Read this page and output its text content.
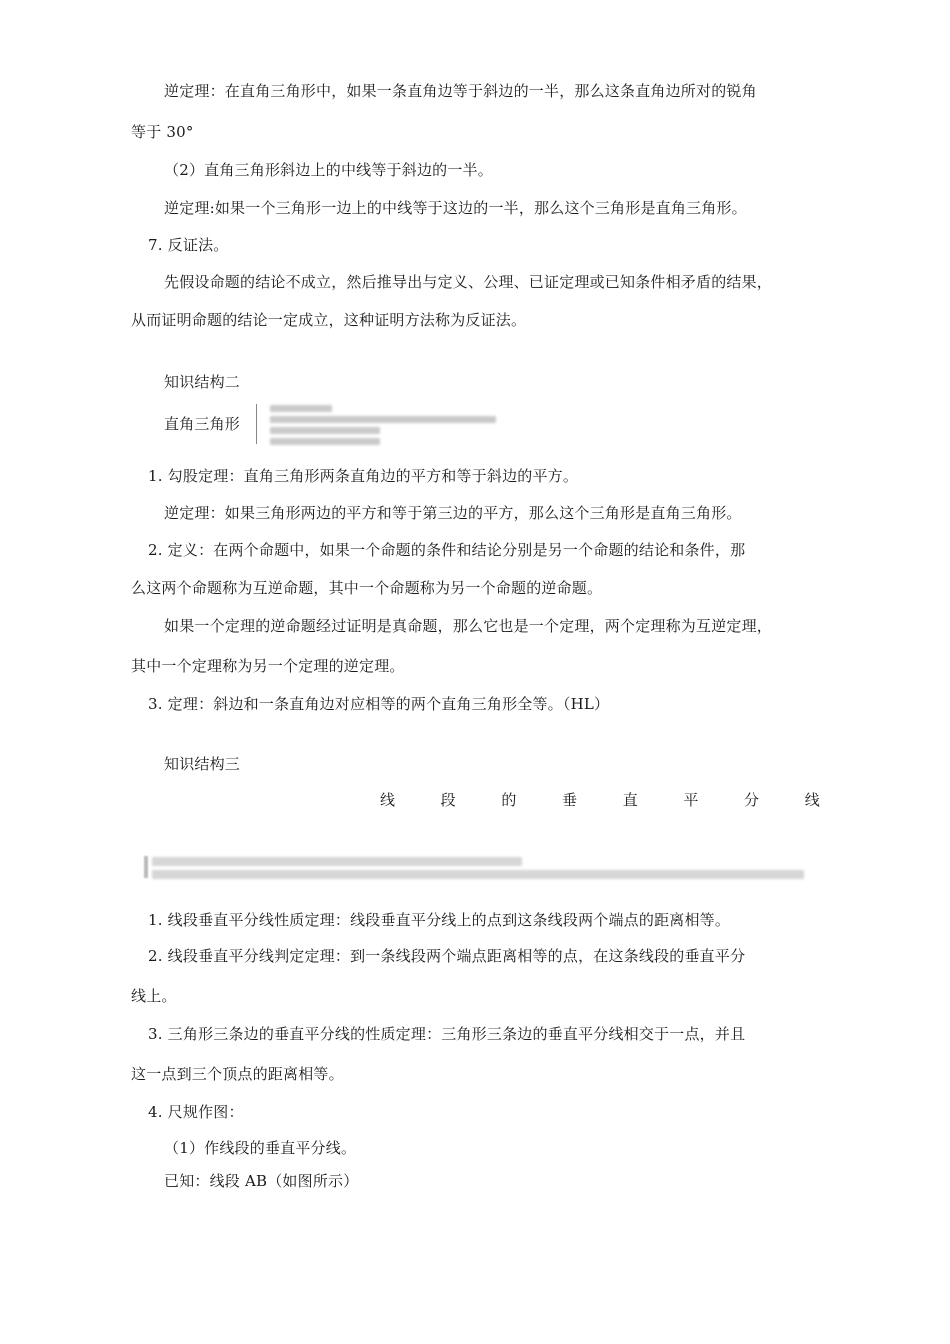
逆定理：在直角三角形中，如果一条直角边等于斜边的一半，那么这条直角边所对的锐角
等于 30°
（2）直角三角形斜边上的中线等于斜边的一半。
逆定理:如果一个三角形一边上的中线等于这边的一半，那么这个三角形是直角三角形。
7. 反证法。
先假设命题的结论不成立，然后推导出与定义、公理、已证定理或已知条件相矛盾的结果，
从而证明命题的结论一定成立，这种证明方法称为反证法。
知识结构二
直角三角形
1. 勾股定理：直角三角形两条直角边的平方和等于斜边的平方。
逆定理：如果三角形两边的平方和等于第三边的平方，那么这个三角形是直角三角形。
2. 定义：在两个命题中，如果一个命题的条件和结论分别是另一个命题的结论和条件，那
么这两个命题称为互逆命题，其中一个命题称为另一个命题的逆命题。
如果一个定理的逆命题经过证明是真命题，那么它也是一个定理，两个定理称为互逆定理，
其中一个定理称为另一个定理的逆定理。
3. 定理：斜边和一条直角边对应相等的两个直角三角形全等。（HL）
知识结构三
线	段	的	垂	直	平	分	线
1. 线段垂直平分线性质定理：线段垂直平分线上的点到这条线段两个端点的距离相等。
2. 线段垂直平分线判定定理：到一条线段两个端点距离相等的点，在这条线段的垂直平分
线上。
3. 三角形三条边的垂直平分线的性质定理：三角形三条边的垂直平分线相交于一点，并且
这一点到三个顶点的距离相等。
4. 尺规作图：
（1）作线段的垂直平分线。
已知：线段 AB（如图所示）
